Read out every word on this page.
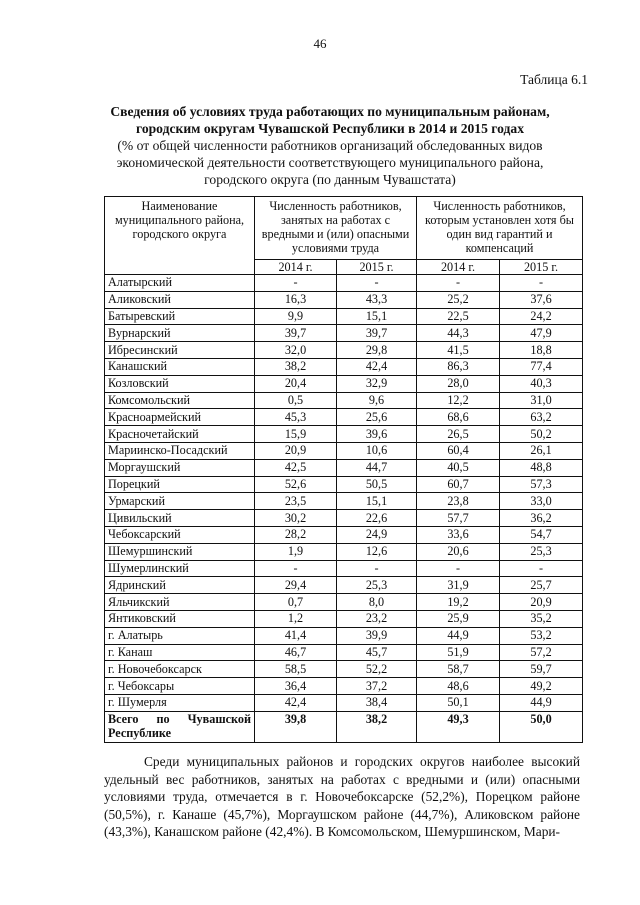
46
Таблица 6.1
Сведения об условиях труда работающих по муниципальным районам, городским округам Чувашской Республики в 2014 и 2015 годах
(% от общей численности работников организаций обследованных видов экономической деятельности соответствующего муниципального района, городского округа (по данным Чувашстата)
Наименование муниципального района, городского округа	Численность работников, занятых на работах с вредными и (или) опасными условиями труда		Численность работников, которым установлен хотя бы один вид гарантий и компенсаций	
	2014 г.	2015 г.	2014 г.	2015 г.
Алатырский	-	-	-	-
Аликовский	16,3	43,3	25,2	37,6
Батыревский	9,9	15,1	22,5	24,2
Вурнарский	39,7	39,7	44,3	47,9
Ибресинский	32,0	29,8	41,5	18,8
Канашский	38,2	42,4	86,3	77,4
Козловский	20,4	32,9	28,0	40,3
Комсомольский	0,5	9,6	12,2	31,0
Красноармейский	45,3	25,6	68,6	63,2
Красночетайский	15,9	39,6	26,5	50,2
Мариинско-Посадский	20,9	10,6	60,4	26,1
Моргаушский	42,5	44,7	40,5	48,8
Порецкий	52,6	50,5	60,7	57,3
Урмарский	23,5	15,1	23,8	33,0
Цивильский	30,2	22,6	57,7	36,2
Чебоксарский	28,2	24,9	33,6	54,7
Шемуршинский	1,9	12,6	20,6	25,3
Шумерлинский	-	-	-	-
Ядринский	29,4	25,3	31,9	25,7
Яльчикский	0,7	8,0	19,2	20,9
Янтиковский	1,2	23,2	25,9	35,2
г. Алатырь	41,4	39,9	44,9	53,2
г. Канаш	46,7	45,7	51,9	57,2
г. Новочебоксарск	58,5	52,2	58,7	59,7
г. Чебоксары	36,4	37,2	48,6	49,2
г. Шумерля	42,4	38,4	50,1	44,9
Всего по Чувашской Республике	39,8	38,2	49,3	50,0

Среди муниципальных районов и городских округов наиболее высокий удельный вес работников, занятых на работах с вредными и (или) опасными условиями труда, отмечается в г. Новочебоксарске (52,2%), Порецком районе (50,5%), г. Канаше (45,7%), Моргаушском районе (44,7%), Аликовском районе (43,3%), Канашском районе (42,4%). В Комсомольском, Шемуршинском, Мари-
